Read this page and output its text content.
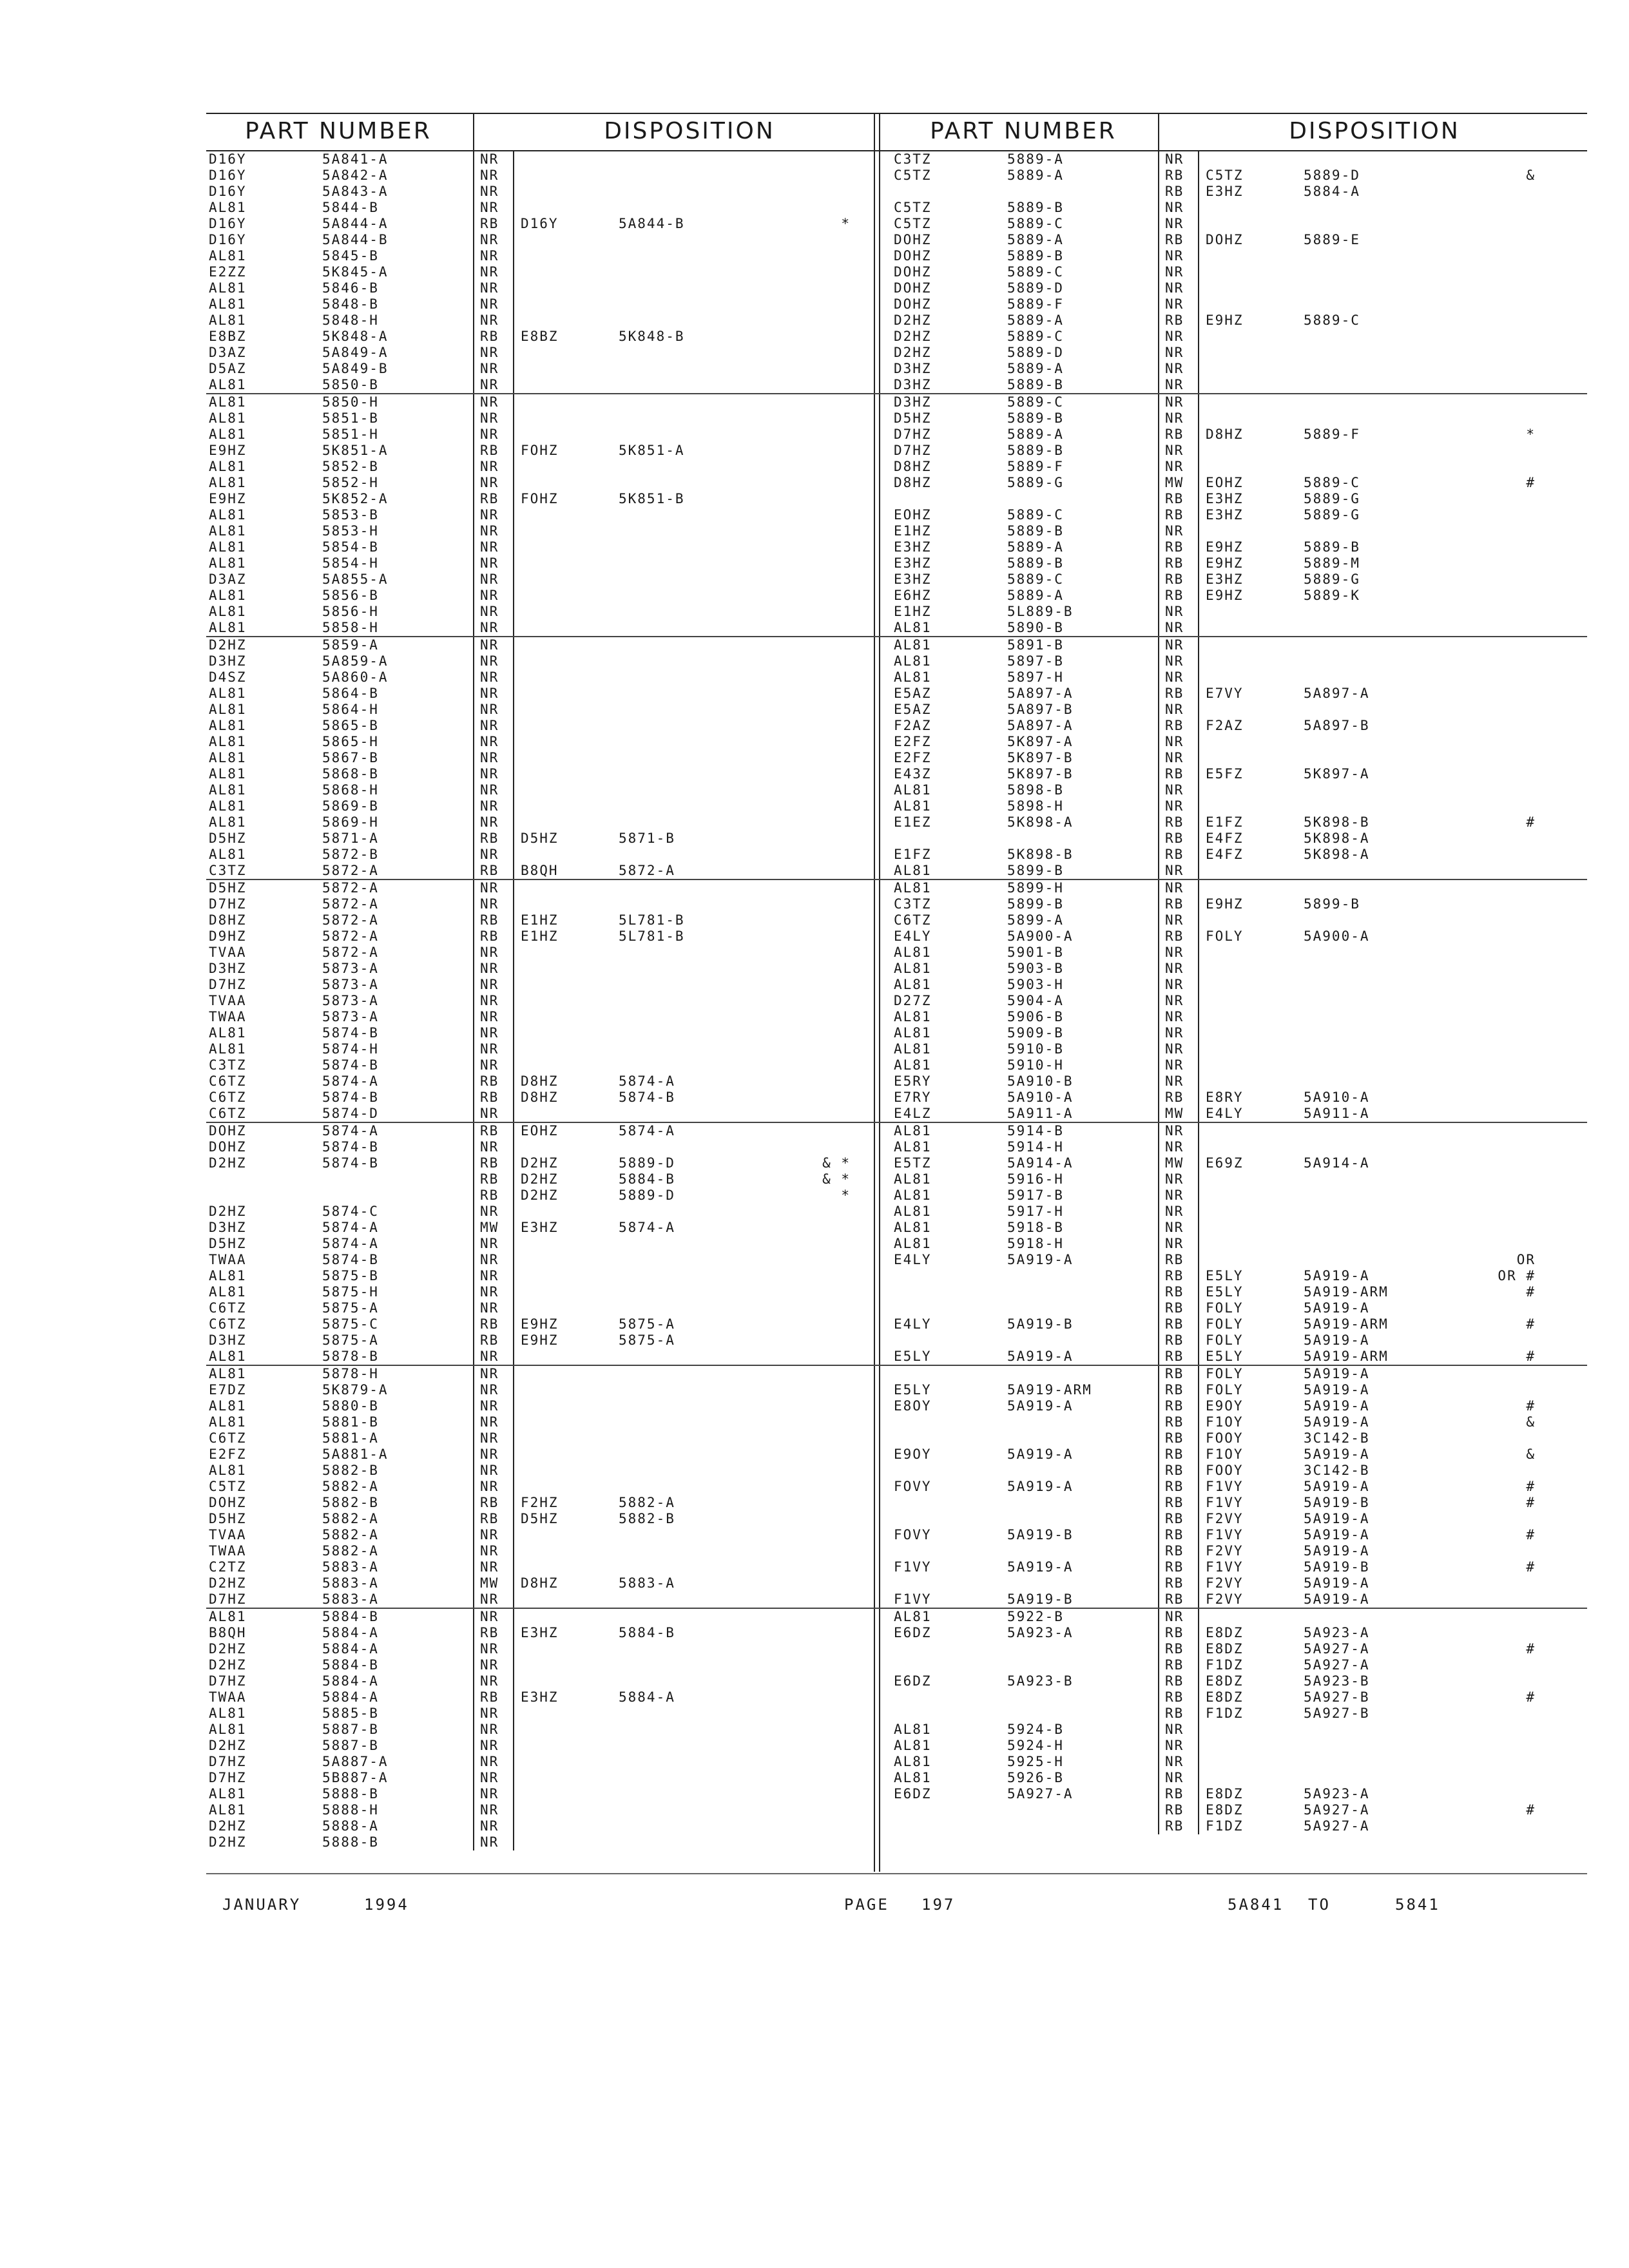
PART NUMBER	DISPOSITION
D16Y	5A841-A	NR
D16Y	5A842-A	NR
D16Y	5A843-A	NR
AL81	5844-B	NR
D16Y	5A844-A	RB D16Y	5A844-B	*
D16Y	5A844-B	NR
AL81	5845-B	NR
E2ZZ	5K845-A	NR
AL81	5846-B	NR
AL81	5848-B	NR
AL81	5848-H	NR
E8BZ	5K848-A	RB E8BZ	5K848-B
D3AZ	5A849-A	NR
D5AZ	5A849-B	NR
AL81	5850-B	NR
AL81	5850-H	NR
AL81	5851-B	NR
AL81	5851-H	NR
E9HZ	5K851-A	RB FOHZ	5K851-A
AL81	5852-B	NR
AL81	5852-H	NR
E9HZ	5K852-A	RB FOHZ	5K851-B
AL81	5853-B	NR
AL81	5853-H	NR
AL81	5854-B	NR
AL81	5854-H	NR
D3AZ	5A855-A	NR
AL81	5856-B	NR
AL81	5856-H	NR
AL81	5858-H	NR
D2HZ	5859-A	NR
D3HZ	5A859-A	NR
D4SZ	5A860-A	NR
AL81	5864-B	NR
AL81	5864-H	NR
AL81	5865-B	NR
AL81	5865-H	NR
AL81	5867-B	NR
AL81	5868-B	NR
AL81	5868-H	NR
AL81	5869-B	NR
AL81	5869-H	NR
D5HZ	5871-A	RB D5HZ	5871-B
AL81	5872-B	NR
C3TZ	5872-A	RB B8QH	5872-A
D5HZ	5872-A	NR
D7HZ	5872-A	NR
D8HZ	5872-A	RB E1HZ	5L781-B
D9HZ	5872-A	RB E1HZ	5L781-B
TVAA	5872-A	NR
D3HZ	5873-A	NR
D7HZ	5873-A	NR
TVAA	5873-A	NR
TWAA	5873-A	NR
AL81	5874-B	NR
AL81	5874-H	NR
C3TZ	5874-B	NR
C6TZ	5874-A	RB D8HZ	5874-A
C6TZ	5874-B	RB D8HZ	5874-B
C6TZ	5874-D	NR
DOHZ	5874-A	RB EOHZ	5874-A
DOHZ	5874-B	NR
D2HZ	5874-B	RB D2HZ	5889-D	& *
RB D2HZ	5884-B	& *
RB D2HZ	5889-D	*
D2HZ	5874-C	NR
D3HZ	5874-A	MW E3HZ	5874-A
D5HZ	5874-A	NR
TWAA	5874-B	NR
AL81	5875-B	NR
AL81	5875-H	NR
C6TZ	5875-A	NR
C6TZ	5875-C	RB E9HZ	5875-A
D3HZ	5875-A	RB E9HZ	5875-A
AL81	5878-B	NR
AL81	5878-H	NR
E7DZ	5K879-A	NR
AL81	5880-B	NR
AL81	5881-B	NR
C6TZ	5881-A	NR
E2FZ	5A881-A	NR
AL81	5882-B	NR
C5TZ	5882-A	NR
DOHZ	5882-B	RB F2HZ	5882-A
D5HZ	5882-A	RB D5HZ	5882-B
TVAA	5882-A	NR
TWAA	5882-A	NR
C2TZ	5883-A	NR
D2HZ	5883-A	MW D8HZ	5883-A
D7HZ	5883-A	NR
AL81	5884-B	NR
B8QH	5884-A	RB E3HZ	5884-B
D2HZ	5884-A	NR
D2HZ	5884-B	NR
D7HZ	5884-A	NR
TWAA	5884-A	RB E3HZ	5884-A
AL81	5885-B	NR
AL81	5887-B	NR
D2HZ	5887-B	NR
D7HZ	5A887-A	NR
D7HZ	5B887-A	NR
AL81	5888-B	NR
AL81	5888-H	NR
D2HZ	5888-A	NR
D2HZ	5888-B	NR
PART NUMBER	DISPOSITION
C3TZ	5889-A	NR
C5TZ	5889-A	RB C5TZ	5889-D	&
RB E3HZ	5884-A
C5TZ	5889-B	NR
C5TZ	5889-C	NR
DOHZ	5889-A	RB DOHZ	5889-E
DOHZ	5889-B	NR
DOHZ	5889-C	NR
DOHZ	5889-D	NR
DOHZ	5889-F	NR
D2HZ	5889-A	RB E9HZ	5889-C
D2HZ	5889-C	NR
D2HZ	5889-D	NR
D3HZ	5889-A	NR
D3HZ	5889-B	NR
D3HZ	5889-C	NR
D5HZ	5889-B	NR
D7HZ	5889-A	RB D8HZ	5889-F	*
D7HZ	5889-B	NR
D8HZ	5889-F	NR
D8HZ	5889-G	MW EOHZ	5889-C	#
RB E3HZ	5889-G
EOHZ	5889-C	RB E3HZ	5889-G
E1HZ	5889-B	NR
E3HZ	5889-A	RB E9HZ	5889-B
E3HZ	5889-B	RB E9HZ	5889-M
E3HZ	5889-C	RB E3HZ	5889-G
E6HZ	5889-A	RB E9HZ	5889-K
E1HZ	5L889-B	NR
AL81	5890-B	NR
AL81	5891-B	NR
AL81	5897-B	NR
AL81	5897-H	NR
E5AZ	5A897-A	RB E7VY	5A897-A
E5AZ	5A897-B	NR
F2AZ	5A897-A	RB F2AZ	5A897-B
E2FZ	5K897-A	NR
E2FZ	5K897-B	NR
E43Z	5K897-B	RB E5FZ	5K897-A
AL81	5898-B	NR
AL81	5898-H	NR
E1EZ	5K898-A	RB E1FZ	5K898-B	#
RB E4FZ	5K898-A
E1FZ	5K898-B	RB E4FZ	5K898-A
AL81	5899-B	NR
AL81	5899-H	NR
C3TZ	5899-B	RB E9HZ	5899-B
C6TZ	5899-A	NR
E4LY	5A900-A	RB FOLY	5A900-A
AL81	5901-B	NR
AL81	5903-B	NR
AL81	5903-H	NR
D27Z	5904-A	NR
AL81	5906-B	NR
AL81	5909-B	NR
AL81	5910-B	NR
AL81	5910-H	NR
E5RY	5A910-B	NR
E7RY	5A910-A	RB E8RY	5A910-A
E4LZ	5A911-A	MW E4LY	5A911-A
AL81	5914-B	NR
AL81	5914-H	NR
E5TZ	5A914-A	MW E69Z	5A914-A
AL81	5916-H	NR
AL81	5917-B	NR
AL81	5917-H	NR
AL81	5918-B	NR
AL81	5918-H	NR
E4LY	5A919-A	RB	OR
RB E5LY	5A919-A	OR #
RB E5LY	5A919-ARM	#
RB FOLY	5A919-A
E4LY	5A919-B	RB FOLY	5A919-ARM	#
RB FOLY	5A919-A
E5LY	5A919-A	RB E5LY	5A919-ARM	#
RB FOLY	5A919-A
E5LY	5A919-ARM	RB FOLY	5A919-A
E8OY	5A919-A	RB E9OY	5A919-A	#
RB F1OY	5A919-A	&
RB FOOY	3C142-B
E9OY	5A919-A	RB F1OY	5A919-A	&
RB FOOY	3C142-B
FOVY	5A919-A	RB F1VY	5A919-A	#
RB F1VY	5A919-B	#
RB F2VY	5A919-A
FOVY	5A919-B	RB F1VY	5A919-A	#
RB F2VY	5A919-A
F1VY	5A919-A	RB F1VY	5A919-B	#
RB F2VY	5A919-A
F1VY	5A919-B	RB F2VY	5A919-A
AL81	5922-B	NR
E6DZ	5A923-A	RB E8DZ	5A923-A
RB E8DZ	5A927-A	#
RB F1DZ	5A927-A
E6DZ	5A923-B	RB E8DZ	5A923-B
RB E8DZ	5A927-B	#
RB F1DZ	5A927-B
AL81	5924-B	NR
AL81	5924-H	NR
AL81	5925-H	NR
AL81	5926-B	NR
E6DZ	5A927-A	RB E8DZ	5A923-A
RB E8DZ	5A927-A	#
RB F1DZ	5A927-A
JANUARY	1994	PAGE 197	5A841 TO	5841
